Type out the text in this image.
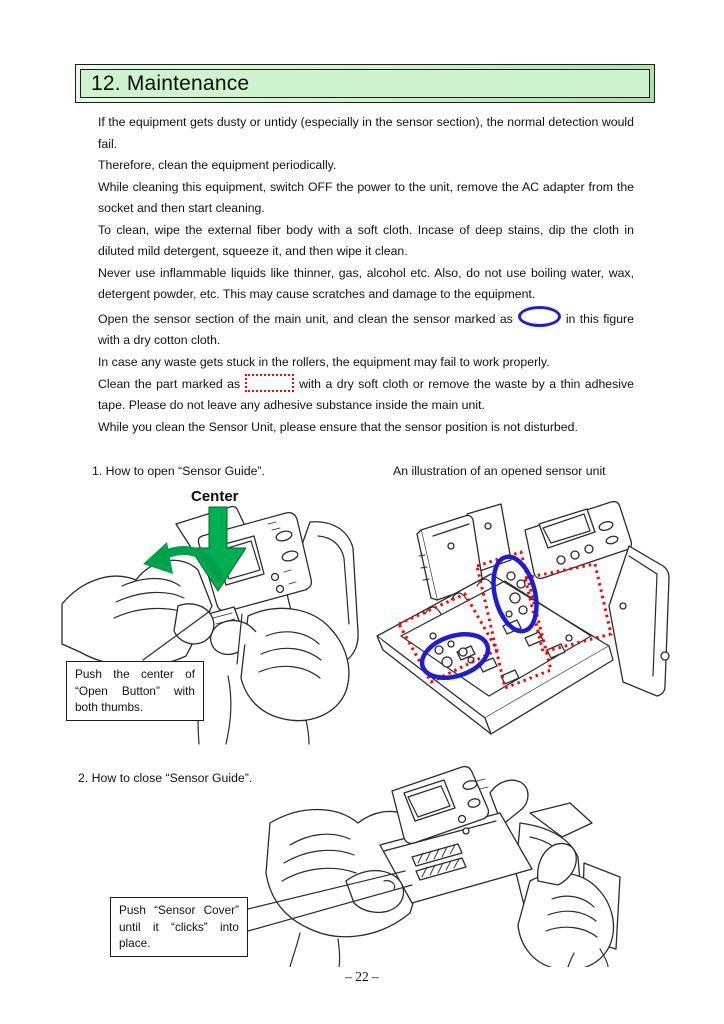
12. Maintenance

If the equipment gets dusty or untidy (especially in the sensor section), the normal detection would fail.

Therefore, clean the equipment periodically.

While cleaning this equipment, switch OFF the power to the unit, remove the AC adapter from the socket and then start cleaning.

To clean, wipe the external fiber body with a soft cloth. Incase of deep stains, dip the cloth in diluted mild detergent, squeeze it, and then wipe it clean.

Never use inflammable liquids like thinner, gas, alcohol etc. Also, do not use boiling water, wax, detergent powder, etc. This may cause scratches and damage to the equipment.

Open the sensor section of the main unit, and clean the sensor marked as	in this figure with a dry cotton cloth.

In case any waste gets stuck in the rollers, the equipment may fail to work properly.

Clean the part marked as	with a dry soft cloth or remove the waste by a thin adhesive tape. Please do not leave any adhesive substance inside the main unit.

While you clean the Sensor Unit, please ensure that the sensor position is not disturbed.

1. How to open “Sensor Guide”.	An illustration of an opened sensor unit
2. How to close “Sensor Guide”.
Center
Push the center of “Open Button” with both thumbs.
Push “Sensor Cover” until it “clicks” into place.
– 22 –
